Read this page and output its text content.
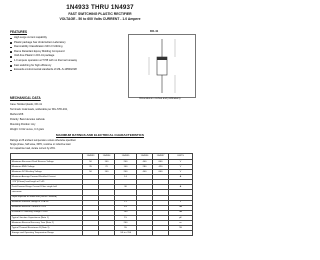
1N4933 THRU 1N4937
FAST SWITCHING PLASTIC RECTIFIER
VOLTAGE - 50 to 600 Volts CURRENT - 1.0 Ampere
FEATURES
High surge current capability
Plastic package has Underwriters Laboratory
Flammability Classification 94V-O Utilizing
Flame Retardant Epoxy Molding Compound
Void-free Plastic in DO-41 package
1.0 ampere operation at T=55 with no thermal runaway
Fast switching for high efficiency
Exceeds environmental standards of MIL-S-19500/228
DO-41
Dimensions in inches and (millimeters)
MECHANICAL DATA
Case: Molded plastic, DO-41
Terminals: Axial leads, solderable per MIL-STD-202,
Method 208
Polarity: Band denotes cathode
Mounting Position: Any
Weight: 0.012 ounce, 0.3 gram
MAXIMUM RATINGS AND ELECTRICAL CHARACTERISTICS
Ratings at 25 ambient temperature unless otherwise specified.
Single phase, half wave, 60Hz, resistive or inductive load.
For capacitive load, derate current by 20%.
	1N4933	1N4934	1N4935	1N4936	1N4937	UNITS
Maximum Recurrent Peak Reverse Voltage	50	100	200	400	600	V
Maximum RMS Voltage	35	70	140	280	420	V
Maximum DC Blocking Voltage	50	100	200	400	600	V
Maximum Average Forward Rectified Current			1.0			A
.375"(9.5mm) lead length at T=55						
Peak Forward Surge Current 8.3ms single half			30			A
sine-wave						
super-imposed on rated load (JEDEC method)						
Maximum Forward Voltage at 1.0A DC			1.2			V
Maximum Reverse Current at T=25			5.0			uA
at Rated DC Blocking Voltage T=100			100			uA
Typical Junction Capacitance (Note 1)			15			pF
Maximum Reverse Recovery Time (Note 2)			200			ns
Typical Thermal Resistance R (Note 3)			55			/W
Storage and Operating Temperature Range			-55 to +150			
